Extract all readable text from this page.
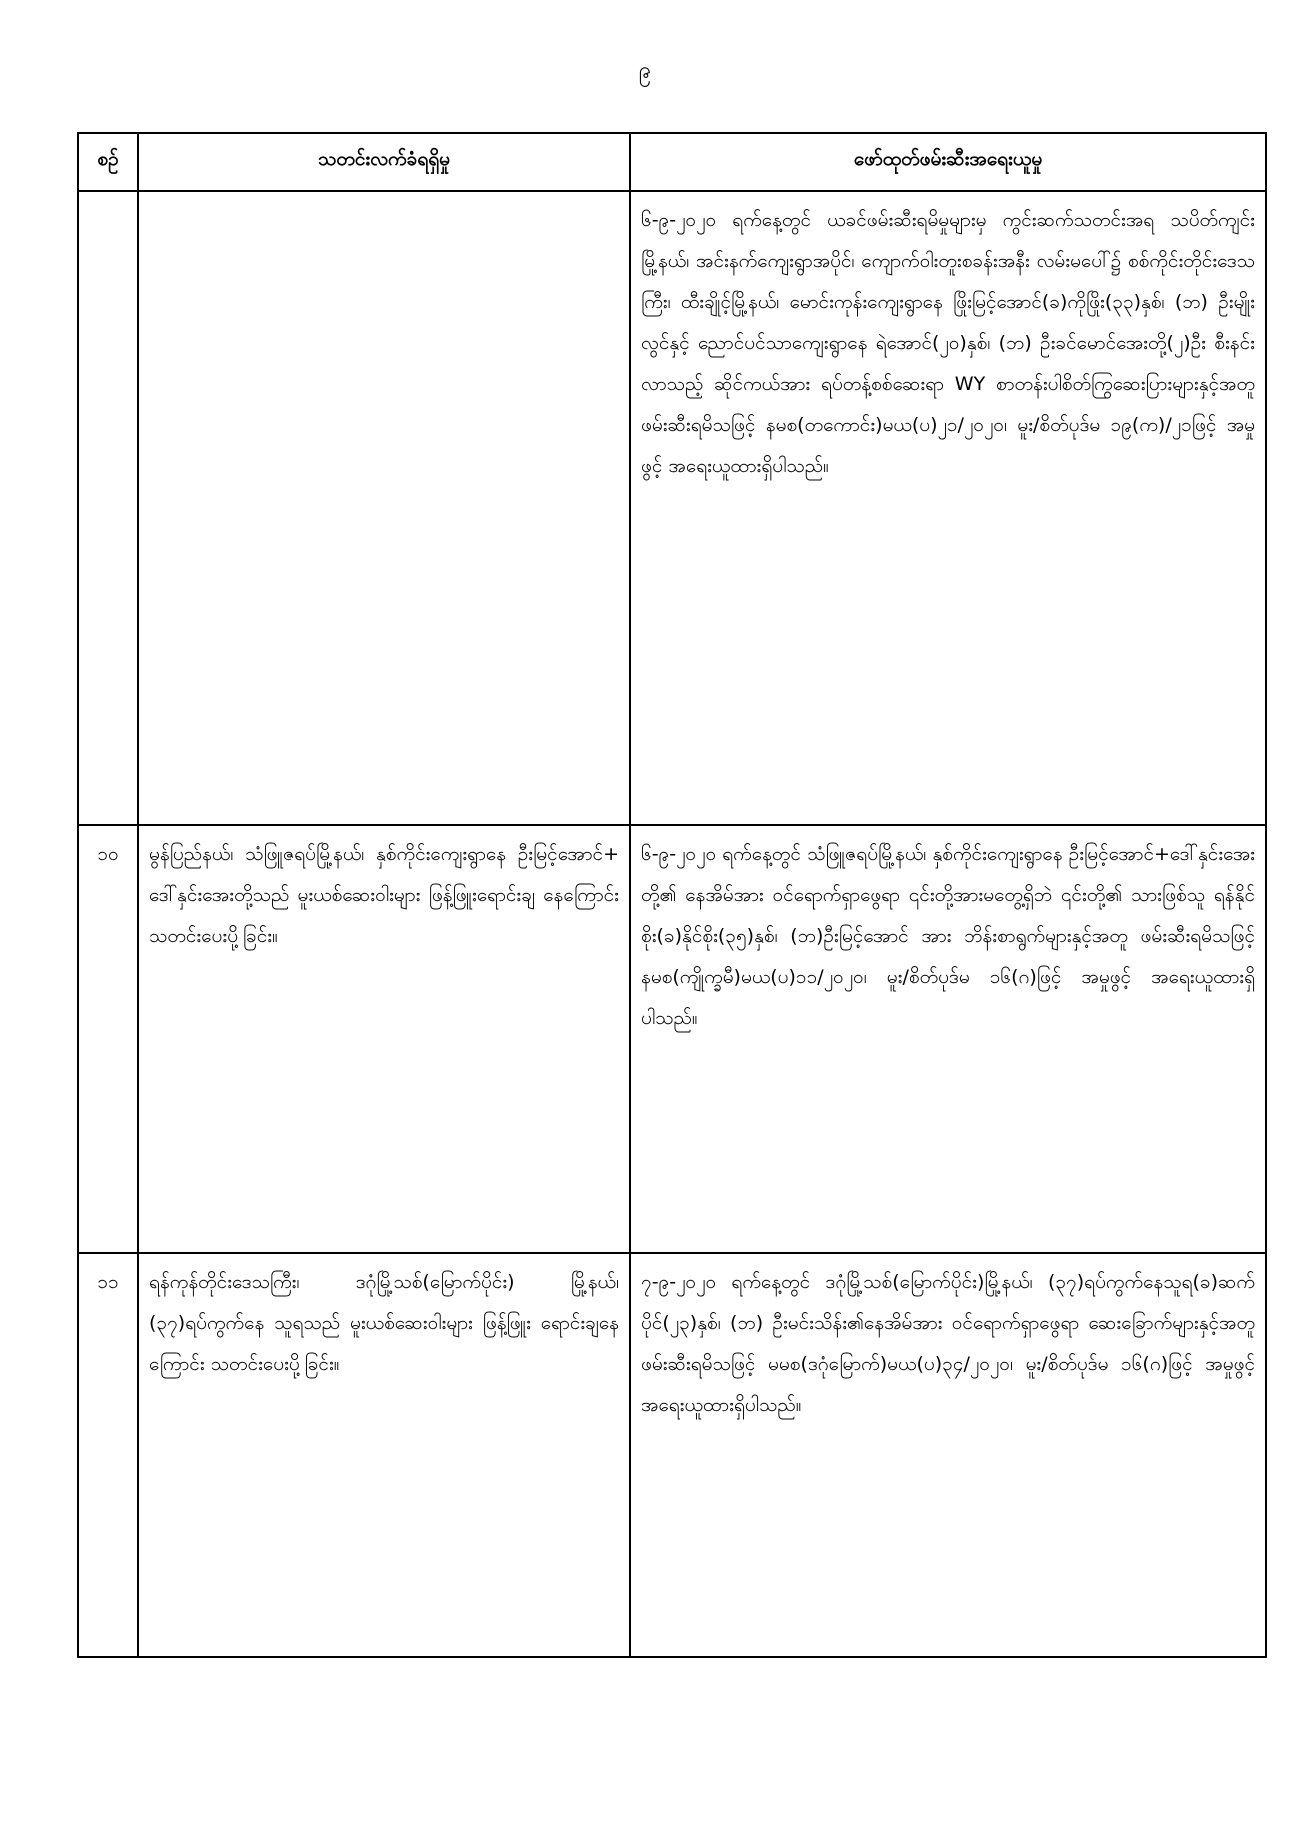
၉
စဉ်	သတင်းလက်ခံရရှိမှု	ဖော်ထုတ်ဖမ်းဆီးအရေးယူမှု
		၆-၉-၂၀၂၀ ရက်နေ့တွင် ယခင်ဖမ်းဆီးရမိမှုများမှ ကွင်းဆက်သတင်းအရ သပိတ်ကျင်းမြို့နယ်၊ အင်းနက်ကျေးရွာအပိုင်၊ ကျောက်ဝါးတူးစခန်းအနီး လမ်းမပေါ်၌ စစ်ကိုင်းတိုင်းဒေသကြီး၊ ထီးချိုင့်မြို့နယ်၊ မောင်းကုန်းကျေးရွာနေ ဖြိုးမြင့်အောင်(ခ)ကိုဖြိုး(၃၃)နှစ်၊ (ဘ) ဦးမျိုးလွင်နှင့် ညောင်ပင်သာကျေးရွာနေ ရဲအောင်(၂၀)နှစ်၊ (ဘ) ဦးခင်မောင်အေးတို့(၂)ဦး စီးနင်းလာသည့် ဆိုင်ကယ်အား ရပ်တန့်စစ်ဆေးရာ WY စာတန်းပါစိတ်ကြွဆေးပြားများနှင့်အတူ ဖမ်းဆီးရမိသဖြင့် နမစ(တကောင်း)မယ(ပ)၂၁/၂၀၂၀၊ မူး/စိတ်ပုဒ်မ ၁၉(က)/၂၁ဖြင့် အမှုဖွင့် အရေးယူထားရှိပါသည်။
၁၀	မွန်ပြည်နယ်၊ သံဖြူဇရပ်မြို့နယ်၊ နှစ်ကိုင်းကျေးရွာနေ ဦးမြင့်အောင်+ ဒေါ်နှင်းအေးတို့သည် မူးယစ်ဆေးဝါးများ ဖြန့်ဖြူးရောင်းချ နေကြောင်း သတင်းပေးပို့ခြင်း။	၆-၉-၂၀၂၀ ရက်နေ့တွင် သံဖြူဇရပ်မြို့နယ်၊ နှစ်ကိုင်းကျေးရွာနေ ဦးမြင့်အောင်+ဒေါ်နှင်းအေးတို့၏ နေအိမ်အား ဝင်ရောက်ရှာဖွေရာ ၎င်းတို့အားမတွေ့ရှိဘဲ ၎င်းတို့၏ သားဖြစ်သူ ရန်နိုင်စိုး(ခ)နိုင်စိုး(၃၅)နှစ်၊ (ဘ)ဦးမြင့်အောင် အား ဘိန်းစာရွက်များနှင့်အတူ ဖမ်းဆီးရမိသဖြင့် နမစ(ကျိုက္ခမီ)မယ(ပ)၁၁/၂၀၂၀၊ မူး/စိတ်ပုဒ်မ ၁၆(ဂ)ဖြင့် အမှုဖွင့် အရေးယူထားရှိပါသည်။
၁၁	ရန်ကုန်တိုင်းဒေသကြီး၊ ဒဂုံမြို့သစ်(မြောက်ပိုင်း) မြို့နယ်၊ (၃၇)ရပ်ကွက်နေ သူရသည် မူးယစ်ဆေးဝါးများ ဖြန့်ဖြူး ရောင်းချနေကြောင်း သတင်းပေးပို့ခြင်း။	၇-၉-၂၀၂၀ ရက်နေ့တွင် ဒဂုံမြို့သစ်(မြောက်ပိုင်း)မြို့နယ်၊ (၃၇)ရပ်ကွက်နေသူရ(ခ)ဆက်ပိုင်(၂၃)နှစ်၊ (ဘ) ဦးမင်းသိန်း၏နေအိမ်အား ဝင်ရောက်ရှာဖွေရာ ဆေးခြောက်များနှင့်အတူ ဖမ်းဆီးရမိသဖြင့် မမစ(ဒဂုံမြောက်)မယ(ပ)၃၄/၂၀၂၀၊ မူး/စိတ်ပုဒ်မ ၁၆(ဂ)ဖြင့် အမှုဖွင့် အရေးယူထားရှိပါသည်။
